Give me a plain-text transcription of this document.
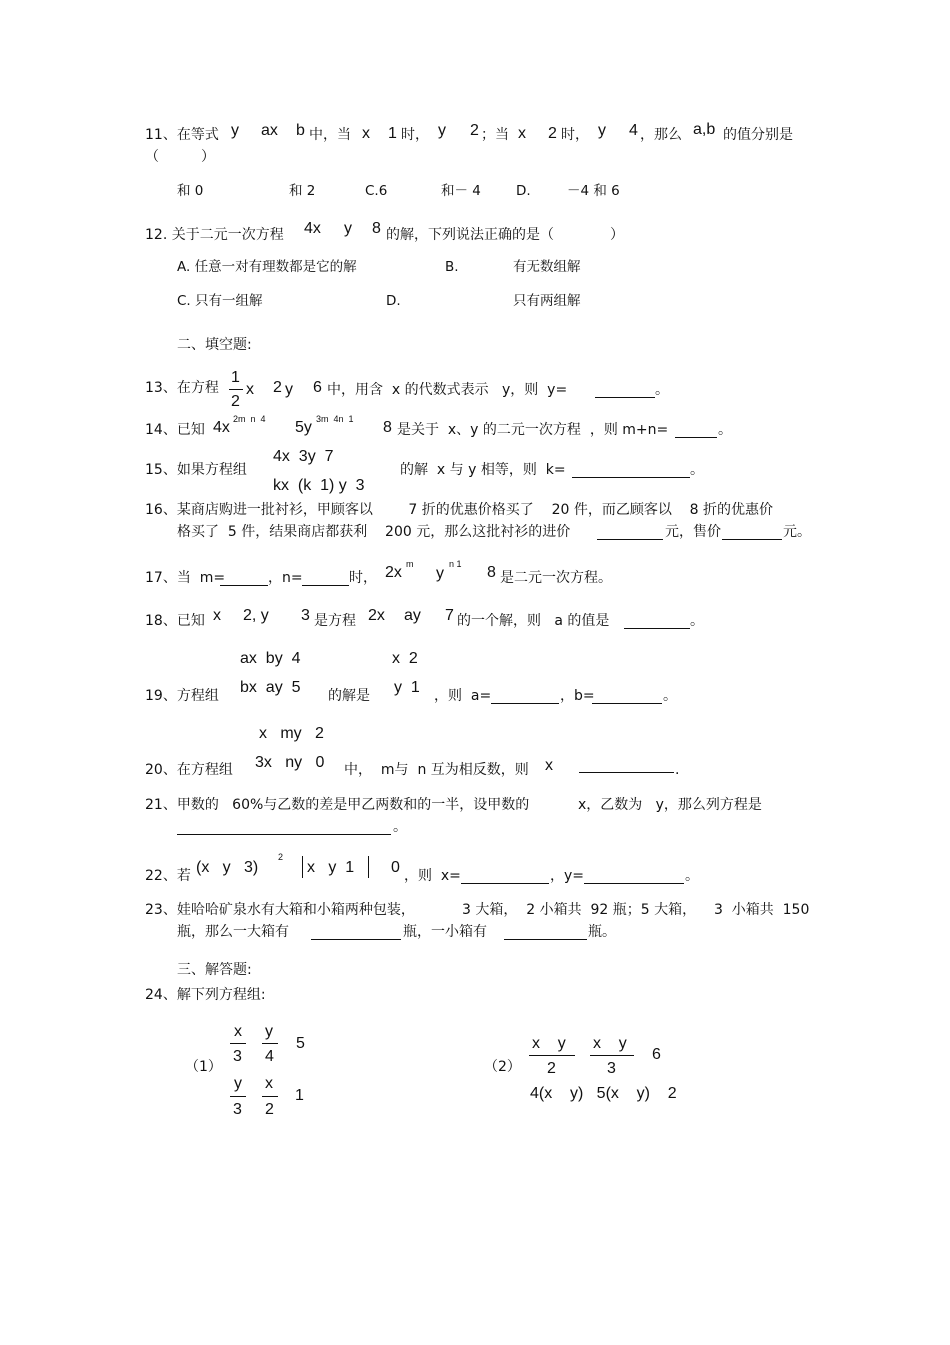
11、在等式 y ax b 中，当 x 1 时， y 2 ；当 x 2 时， y 4 ，那么 a,b 的值分别是
（　　　）
和 0	和 2	C.6	和－ 4	D.	－4 和 6
12. 关于二元一次方程 4x y 8 的解，下列说法正确的是（　　　　）
A. 任意一对有理数都是它的解	B.	有无数组解
C. 只有一组解	D.	只有两组解
二、填空题:
13、在方程
1
2
x 2 y 6 中，用含  x 的代数式表示   y，则  y=	。
14、已知 4x 2m  n  4 5y 3m  4n  1 8 是关于  x、y 的二元一次方程  ，则 m+n=	。
15、如果方程组
4x  3y  7
kx  (k  1) y  3
的解  x 与 y 相等，则  k=	。
16、某商店购进一批衬衫，甲顾客以        7 折的优惠价格买了    20 件，而乙顾客以    8 折的优惠价
格买了  5 件，结果商店都获利    200 元，那么这批衬衫的进价	元，售价	元。
17、当  m=	，n=	时， 2x m
y
n 1 8 是二元一次方程。
18、已知 x 2, y 3 是方程 2x ay 7 的一个解，则   a 的值是	。
19、方程组
ax  by  4
bx  ay  5 的解是
x  2
y  1 ，则  a=	，b=	。
20、在方程组
x   my   2
3x   ny   0 中，  m与  n 互为相反数，则 x	.
21、甲数的   60%与乙数的差是甲乙两数和的一半，设甲数的	x，乙数为   y，那么列方程是
。
22、若 (x   y   3)
2
x   y  1 0 ，则  x=	，y=	。
23、娃哈哈矿泉水有大箱和小箱两种包装，	3 大箱，  2 小箱共  92 瓶；5 大箱，    3  小箱共  150
瓶，那么一大箱有	瓶，一小箱有	瓶。
三、解答题:
24、解下列方程组:
（1）
x
3
y
4
5
y
3
x
2
1
（2）
x    y
2
x    y
3
6
4(x    y)   5(x    y)    2
